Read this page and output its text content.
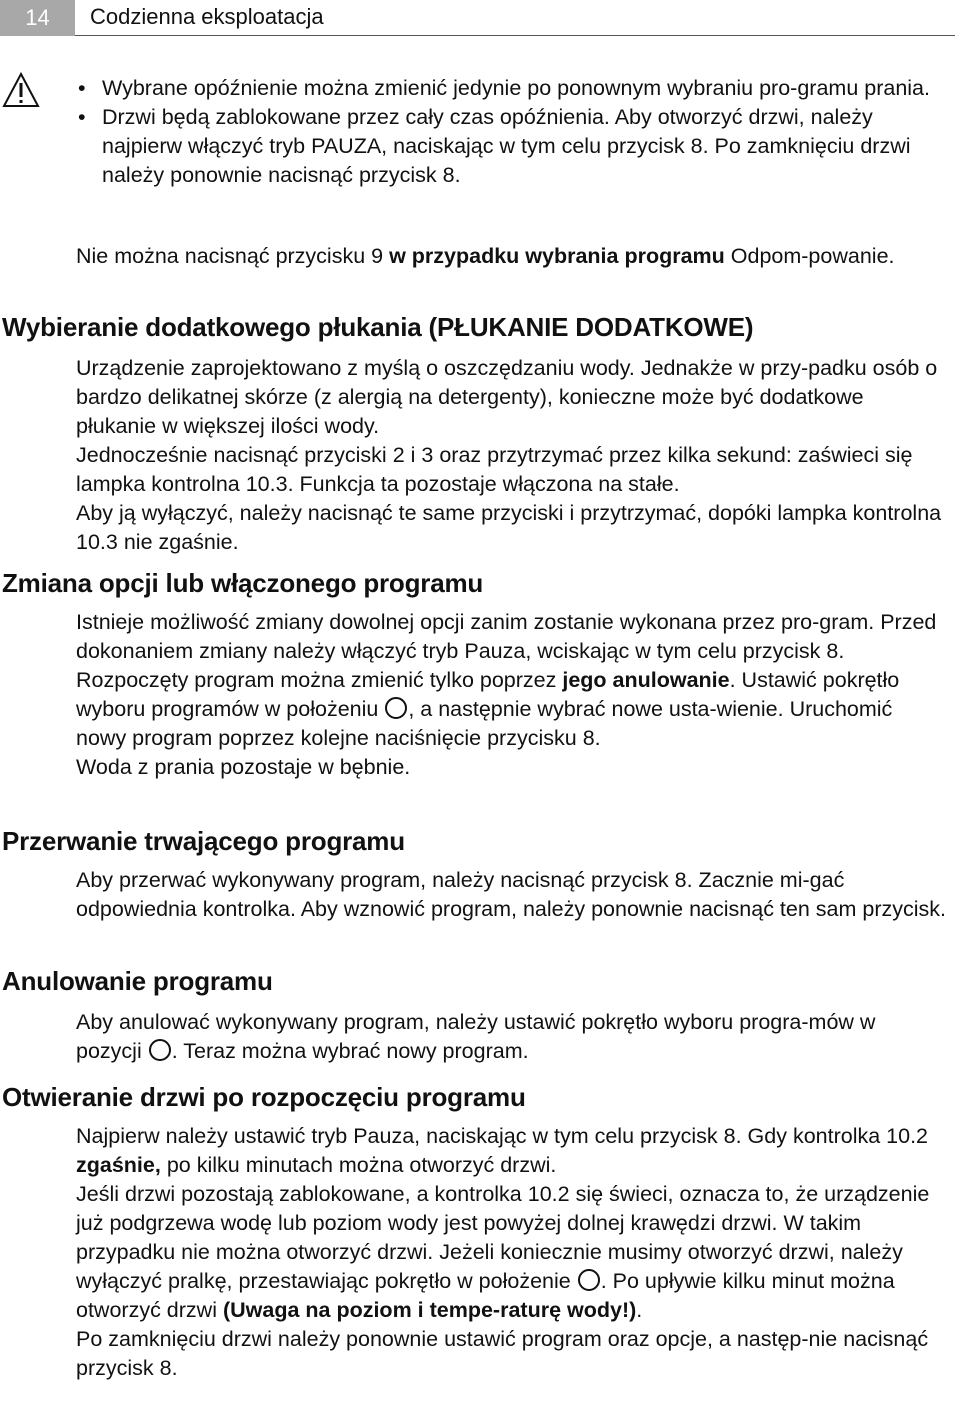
14	Codzienna eksploatacja
• Wybrane opóźnienie można zmienić jedynie po ponownym wybraniu pro-gramu prania.
• Drzwi będą zablokowane przez cały czas opóźnienia. Aby otworzyć drzwi, należy najpierw włączyć tryb PAUZA, naciskając w tym celu przycisk 8. Po zamknięciu drzwi należy ponownie nacisnąć przycisk 8.

Nie można nacisnąć przycisku 9 w przypadku wybrania programu Odpom-powanie.

Wybieranie dodatkowego płukania (PŁUKANIE DODATKOWE)

Urządzenie zaprojektowano z myślą o oszczędzaniu wody. Jednakże w przy-padku osób o bardzo delikatnej skórze (z alergią na detergenty), konieczne może być dodatkowe płukanie w większej ilości wody.

Jednocześnie nacisnąć przyciski 2 i 3 oraz przytrzymać przez kilka sekund: zaświeci się lampka kontrolna 10.3. Funkcja ta pozostaje włączona na stałe.

Aby ją wyłączyć, należy nacisnąć te same przyciski i przytrzymać, dopóki lampka kontrolna 10.3 nie zgaśnie.

Zmiana opcji lub włączonego programu

Istnieje możliwość zmiany dowolnej opcji zanim zostanie wykonana przez pro-gram. Przed dokonaniem zmiany należy włączyć tryb Pauza, wciskając w tym celu przycisk 8.

Rozpoczęty program można zmienić tylko poprzez jego anulowanie. Ustawić pokrętło wyboru programów w położeniu , a następnie wybrać nowe usta-wienie. Uruchomić nowy program poprzez kolejne naciśnięcie przycisku 8.

Woda z prania pozostaje w bębnie.

Przerwanie trwającego programu

Aby przerwać wykonywany program, należy nacisnąć przycisk 8. Zacznie mi-gać odpowiednia kontrolka. Aby wznowić program, należy ponownie nacisnąć ten sam przycisk.

Anulowanie programu

Aby anulować wykonywany program, należy ustawić pokrętło wyboru progra-mów w pozycji . Teraz można wybrać nowy program.

Otwieranie drzwi po rozpoczęciu programu

Najpierw należy ustawić tryb Pauza, naciskając w tym celu przycisk 8. Gdy kontrolka 10.2 zgaśnie, po kilku minutach można otworzyć drzwi.

Jeśli drzwi pozostają zablokowane, a kontrolka 10.2 się świeci, oznacza to, że urządzenie już podgrzewa wodę lub poziom wody jest powyżej dolnej krawędzi drzwi. W takim przypadku nie można otworzyć drzwi. Jeżeli koniecznie musimy otworzyć drzwi, należy wyłączyć pralkę, przestawiając pokrętło w położenie . Po upływie kilku minut można otworzyć drzwi (Uwaga na poziom i tempe-raturę wody!).

Po zamknięciu drzwi należy ponownie ustawić program oraz opcje, a następ-nie nacisnąć przycisk 8.
